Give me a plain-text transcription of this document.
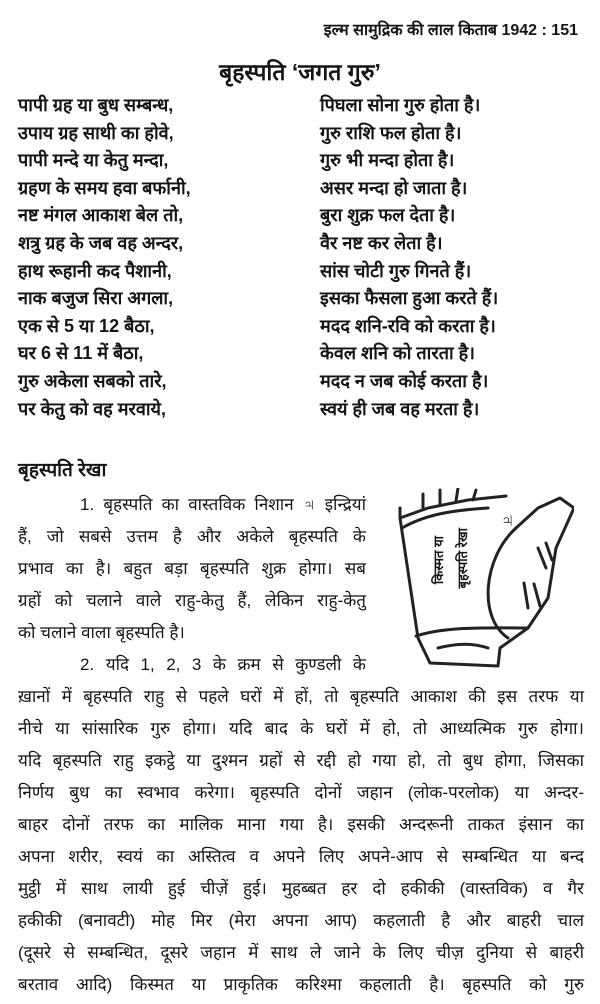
इल्म सामुद्रिक की लाल किताब 1942 : 151
बृहस्पति ‘जगत गुरु’
पापी ग्रह या बुध सम्बन्ध,	पिघला सोना गुरु होता है।
उपाय ग्रह साथी का होवे,	गुरु राशि फल होता है।
पापी मन्दे या केतु मन्दा,	गुरु भी मन्दा होता है।
ग्रहण के समय हवा बर्फानी,	असर मन्दा हो जाता है।
नष्ट मंगल आकाश बेल तो,	बुरा शुक्र फल देता है।
शत्रु ग्रह के जब वह अन्दर,	वैर नष्ट कर लेता है।
हाथ रूहानी कद पैशानी,	सांस चोटी गुरु गिनते हैं।
नाक बजुज सिरा अगला,	इसका फैसला हुआ करते हैं।
एक से 5 या 12 बैठा,	मदद शनि-रवि को करता है।
घर 6 से 11 में बैठा,	केवल शनि को तारता है।
गुरु अकेला सबको तारे,	मदद न जब कोई करता है।
पर केतु को वह मरवाये,	स्वयं ही जब वह मरता है।
बृहस्पति रेखा
1. बृहस्पति का वास्तविक निशान ♃ इन्द्रियां
हैं, जो सबसे उत्तम है और अकेले बृहस्पति के
प्रभाव का है। बहुत बड़ा बृहस्पति शुक्र होगा। सब
ग्रहों को चलाने वाले राहु-केतु हैं, लेकिन राहु-केतु
को चलाने वाला बृहस्पति है।
2. यदि 1, 2, 3 के क्रम से कुण्डली के
ख़ानों में बृहस्पति राहु से पहले घरों में हों, तो बृहस्पति आकाश की इस तरफ या
नीचे या सांसारिक गुरु होगा। यदि बाद के घरों में हो, तो आध्यत्मिक गुरु होगा।
यदि बृहस्पति राहु इकट्ठे या दुश्मन ग्रहों से रद्दी हो गया हो, तो बुध होगा, जिसका
निर्णय बुध का स्वभाव करेगा। बृहस्पति दोनों जहान (लोक-परलोक) या अन्दर-
बाहर दोनों तरफ का मालिक माना गया है। इसकी अन्दरूनी ताकत इंसान का
अपना शरीर, स्वयं का अस्तित्व व अपने लिए अपने-आप से सम्बन्धित या बन्द
मुट्ठी में साथ लायी हुई चीज़ें हुई। मुहब्बत हर दो हकीकी (वास्तविक) व गैर
हकीकी (बनावटी) मोह मिर (मेरा अपना आप) कहलाती है और बाहरी चाल
(दूसरे से सम्बन्धित, दूसरे जहान में साथ ले जाने के लिए चीज़ दुनिया से बाहरी
बरताव आदि) किस्मत या प्राकृतिक करिश्मा कहलाती है। बृहस्पति को गुरु
किस्मत या बृहस्पति रेखा
♃
